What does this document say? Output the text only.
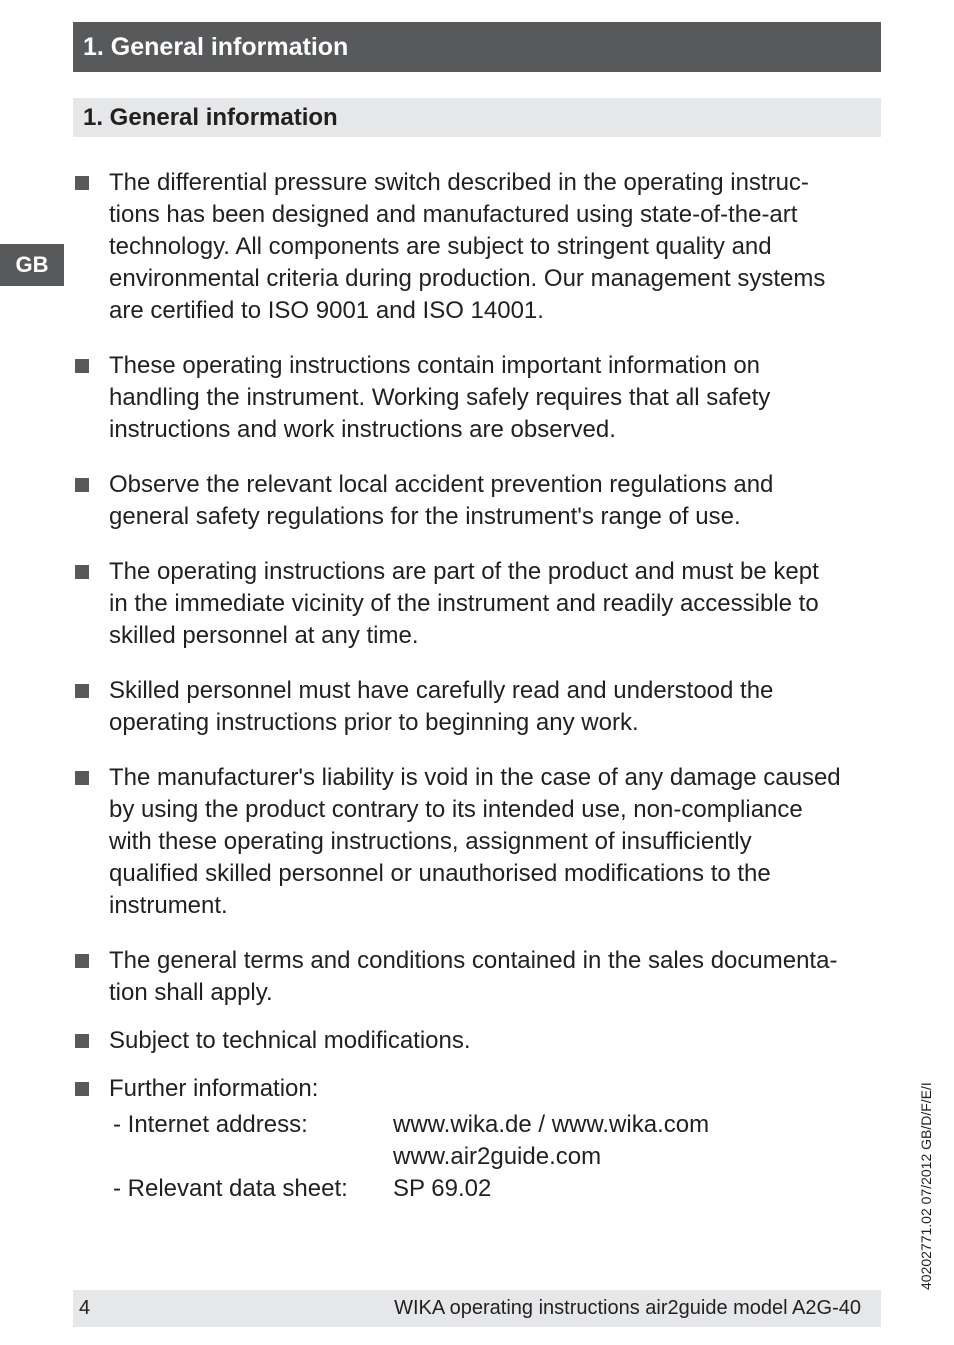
1. General information
1. General information
GB
The differential pressure switch described in the operating instruc-
tions has been designed and manufactured using state-of-the-art
technology. All components are subject to stringent quality and
environmental criteria during production. Our management systems
are certified to ISO 9001 and ISO 14001.
These operating instructions contain important information on
handling the instrument. Working safely requires that all safety
instructions and work instructions are observed.
Observe the relevant local accident prevention regulations and
general safety regulations for the instrument's range of use.
The operating instructions are part of the product and must be kept
in the immediate vicinity of the instrument and readily accessible to
skilled personnel at any time.
Skilled personnel must have carefully read and understood the
operating instructions prior to beginning any work.
The manufacturer's liability is void in the case of any damage caused
by using the product contrary to its intended use, non-compliance
with these operating instructions, assignment of insufficiently
qualified skilled personnel or unauthorised modifications to the
instrument.
The general terms and conditions contained in the sales documenta-
tion shall apply.
Subject to technical modifications.
Further information:
- Internet address:	www.wika.de / www.wika.com
www.air2guide.com
- Relevant data sheet:	SP 69.02	40202771.02 07/2012 GB/D/F/E/I
4	WIKA operating instructions air2guide model A2G-40
